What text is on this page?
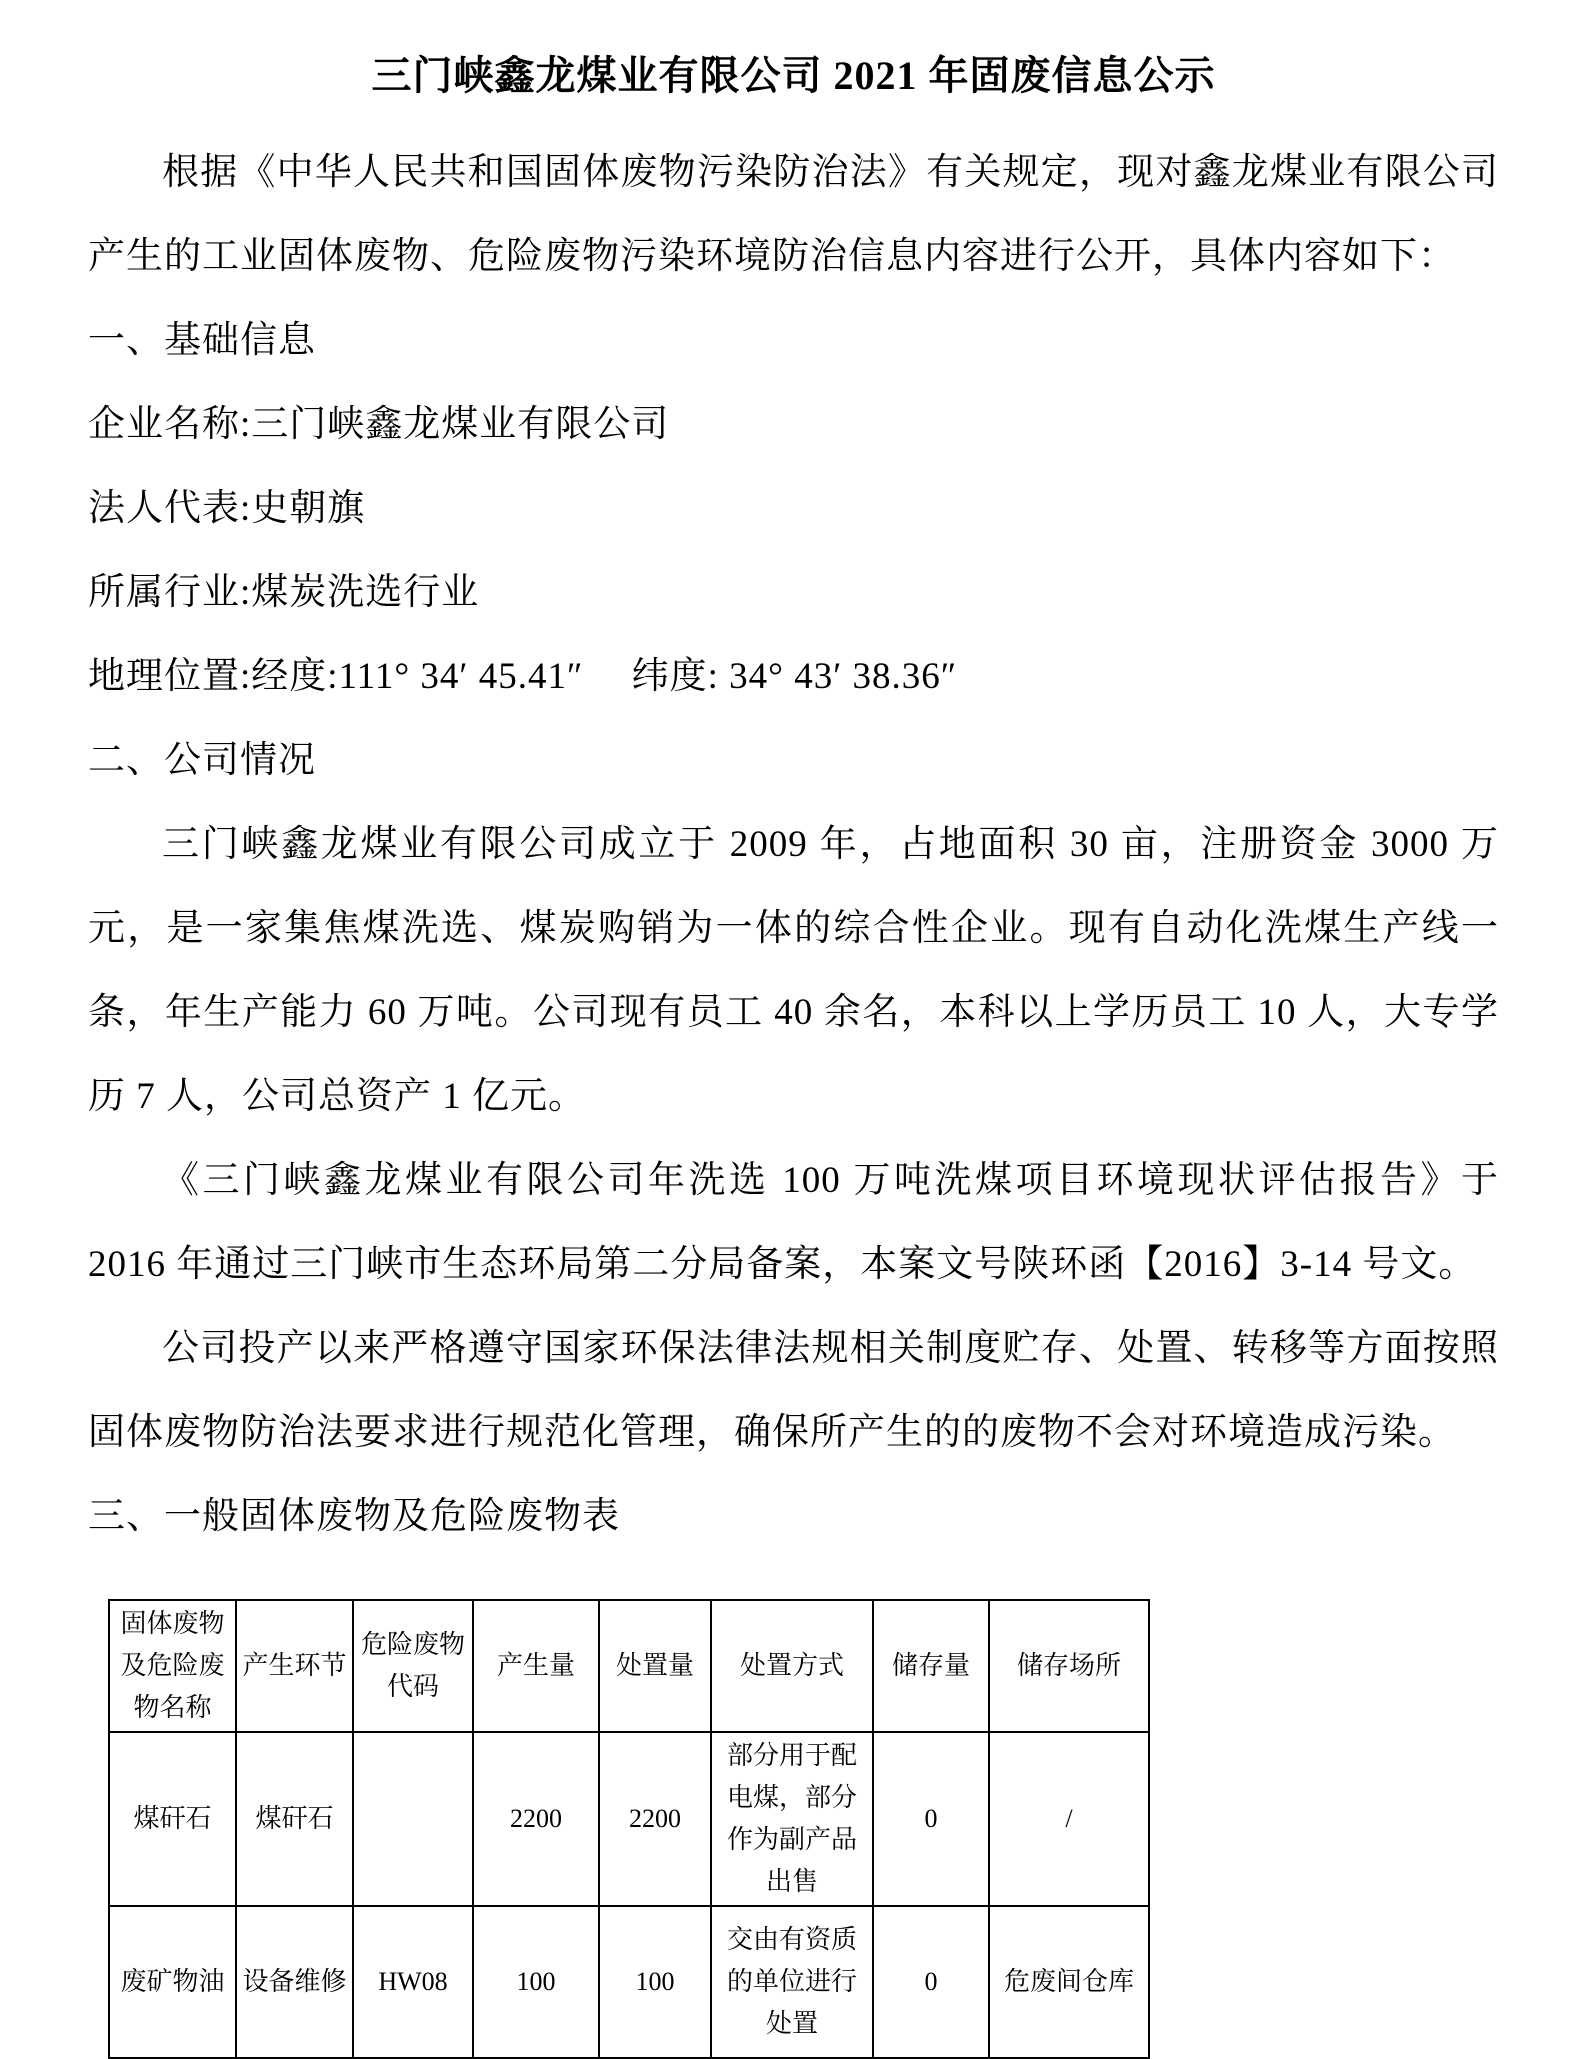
三门峡鑫龙煤业有限公司 2021 年固废信息公示

根据《中华人民共和国固体废物污染防治法》有关规定，现对鑫龙煤业有限公司产生的工业固体废物、危险废物污染环境防治信息内容进行公开，具体内容如下：

一、基础信息

企业名称:三门峡鑫龙煤业有限公司

法人代表:史朝旗

所属行业:煤炭洗选行业

地理位置:经度:111° 34′ 45.41″　 纬度: 34° 43′ 38.36″

二、公司情况

三门峡鑫龙煤业有限公司成立于 2009 年，占地面积 30 亩，注册资金 3000 万元，是一家集焦煤洗选、煤炭购销为一体的综合性企业。现有自动化洗煤生产线一条，年生产能力 60 万吨。公司现有员工 40 余名，本科以上学历员工 10 人，大专学历 7 人，公司总资产 1 亿元。

《三门峡鑫龙煤业有限公司年洗选 100 万吨洗煤项目环境现状评估报告》于 2016 年通过三门峡市生态环局第二分局备案，本案文号陕环函【2016】3-14 号文。

公司投产以来严格遵守国家环保法律法规相关制度贮存、处置、转移等方面按照固体废物防治法要求进行规范化管理，确保所产生的的废物不会对环境造成污染。

三、一般固体废物及危险废物表

固体废物及危险废物名称	产生环节	危险废物代码	产生量	处置量	处置方式	储存量	储存场所
煤矸石	煤矸石		2200	2200	部分用于配电煤，部分作为副产品出售	0	/
废矿物油	设备维修	HW08	100	100	交由有资质的单位进行处置	0	危废间仓库
